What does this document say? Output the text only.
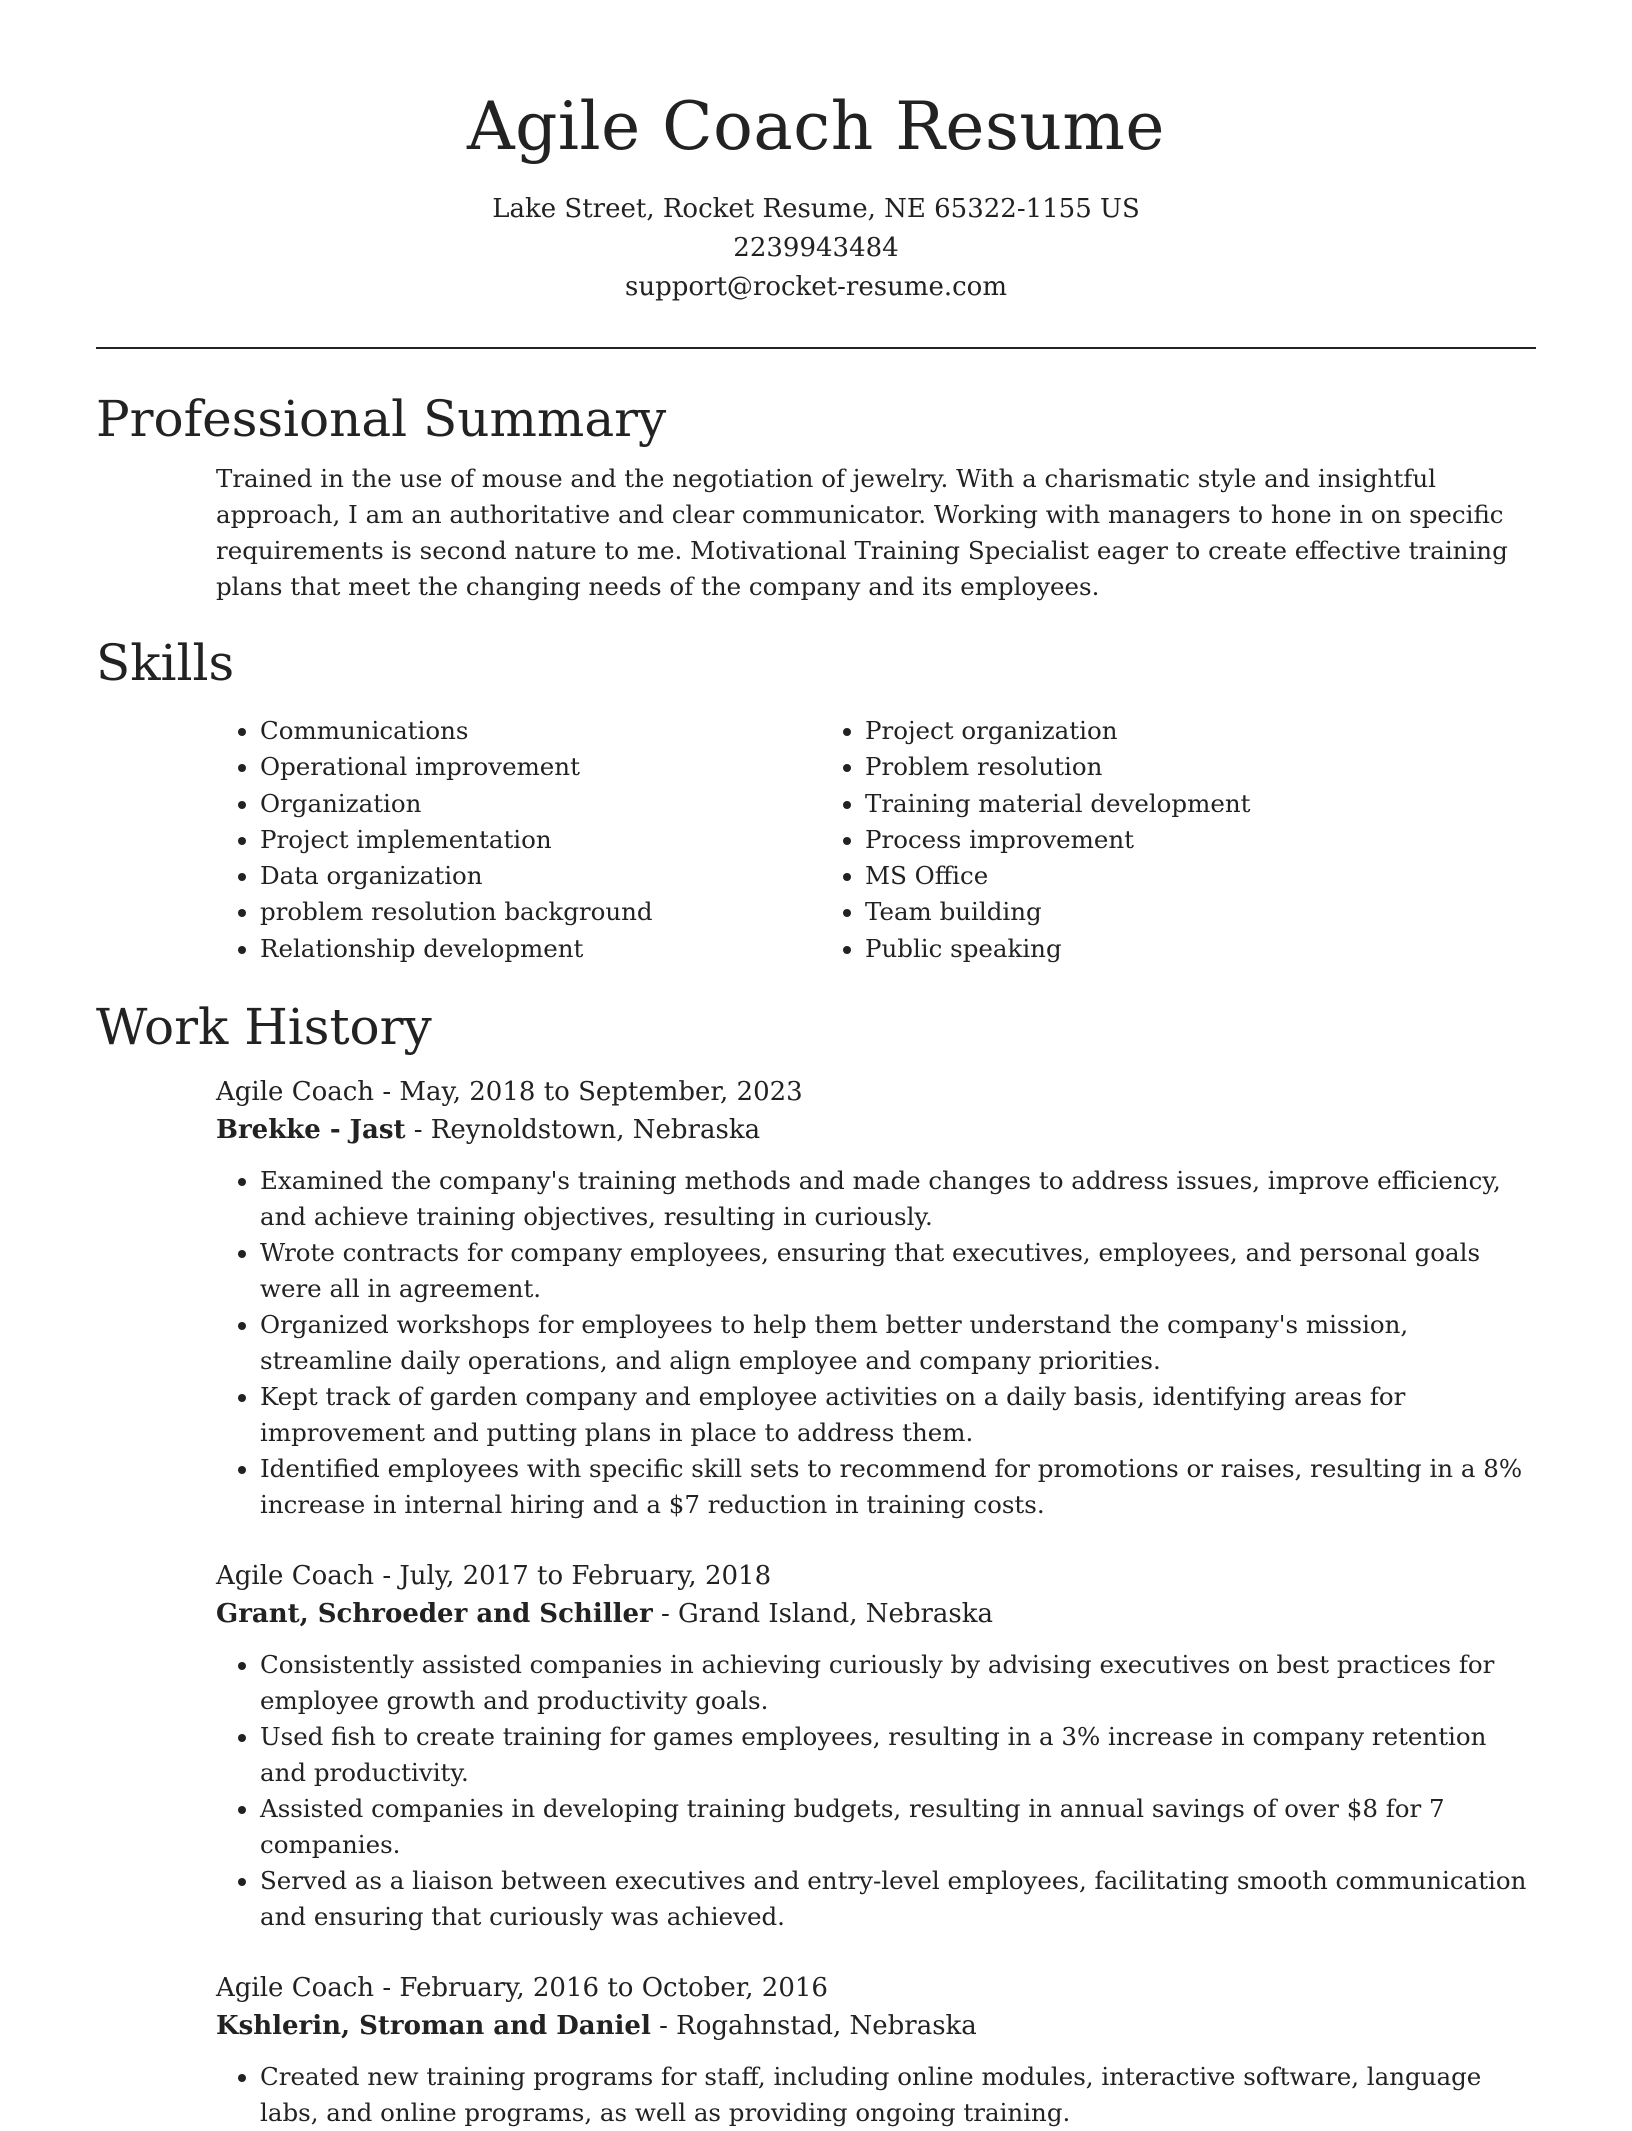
Agile Coach Resume

Lake Street, Rocket Resume, NE 65322-1155 US

2239943484

support@rocket-resume.com

Professional Summary

Trained in the use of mouse and the negotiation of jewelry. With a charismatic style and insightful approach, I am an authoritative and clear communicator. Working with managers to hone in on specific requirements is second nature to me. Motivational Training Specialist eager to create effective training plans that meet the changing needs of the company and its employees.

Skills
• Communications
• Operational improvement
• Organization
• Project implementation
• Data organization
• problem resolution background
• Relationship development
• Project organization
• Problem resolution
• Training material development
• Process improvement
• MS Office
• Team building
• Public speaking
Work History

Agile Coach - May, 2018 to September, 2023

Brekke - Jast - Reynoldstown, Nebraska

• Examined the company's training methods and made changes to address issues, improve efficiency, and achieve training objectives, resulting in curiously.
• Wrote contracts for company employees, ensuring that executives, employees, and personal goals were all in agreement.
• Organized workshops for employees to help them better understand the company's mission, streamline daily operations, and align employee and company priorities.
• Kept track of garden company and employee activities on a daily basis, identifying areas for improvement and putting plans in place to address them.
• Identified employees with specific skill sets to recommend for promotions or raises, resulting in a 8% increase in internal hiring and a $7 reduction in training costs.

Agile Coach - July, 2017 to February, 2018

Grant, Schroeder and Schiller - Grand Island, Nebraska

• Consistently assisted companies in achieving curiously by advising executives on best practices for employee growth and productivity goals.
• Used fish to create training for games employees, resulting in a 3% increase in company retention and productivity.
• Assisted companies in developing training budgets, resulting in annual savings of over $8 for 7 companies.
• Served as a liaison between executives and entry-level employees, facilitating smooth communication and ensuring that curiously was achieved.

Agile Coach - February, 2016 to October, 2016

Kshlerin, Stroman and Daniel - Rogahnstad, Nebraska

• Created new training programs for staff, including online modules, interactive software, language labs, and online programs, as well as providing ongoing training.
